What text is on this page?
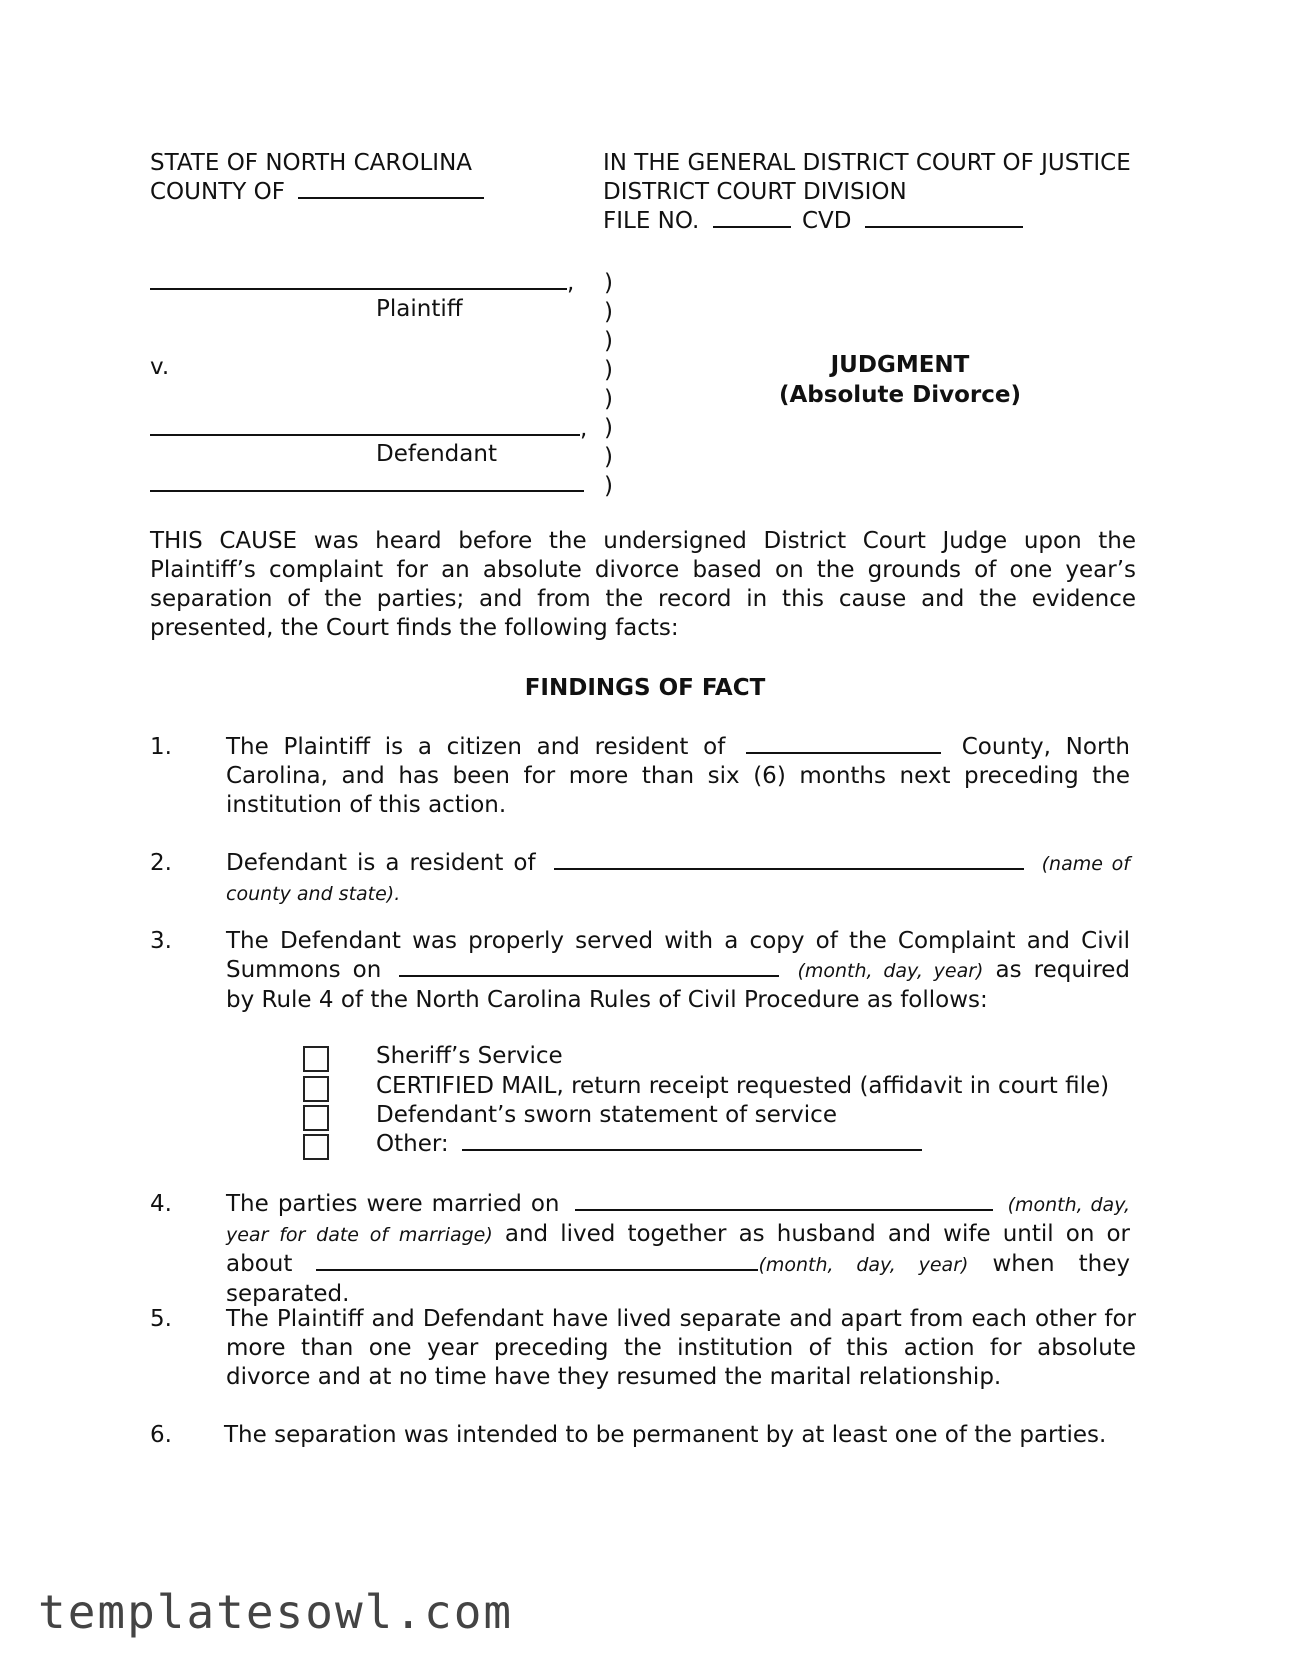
STATE OF NORTH CAROLINA
COUNTY OF
IN THE GENERAL DISTRICT COURT OF JUSTICE
DISTRICT COURT DIVISION
FILE NO.	CVD
,
Plaintiff
v.
,
Defendant
)
)
)
)
)
)
)
)
JUDGMENT
(Absolute Divorce)
THIS CAUSE was heard before the undersigned District Court Judge upon the Plaintiff’s complaint for an absolute divorce based on the grounds of one year’s separation of the parties; and from the record in this cause and the evidence presented, the Court finds the following facts:
FINDINGS OF FACT
1. The Plaintiff is a citizen and resident of	County, North Carolina, and has been for more than six (6) months next preceding the institution of this action.
2. Defendant is a resident of	(name of county and state).
3. The Defendant was properly served with a copy of the Complaint and Civil Summons on	(month, day, year) as required by Rule 4 of the North Carolina Rules of Civil Procedure as follows:
Sheriff’s Service
CERTIFIED MAIL, return receipt requested (affidavit in court file)
Defendant’s sworn statement of service
Other:
4. The parties were married on	(month, day, year for date of marriage) and lived together as husband and wife until on or about	(month, day, year) when they separated.
5. The Plaintiff and Defendant have lived separate and apart from each other for more than one year preceding the institution of this action for absolute divorce and at no time have they resumed the marital relationship.
6. The separation was intended to be permanent by at least one of the parties.
templatesowl.com
